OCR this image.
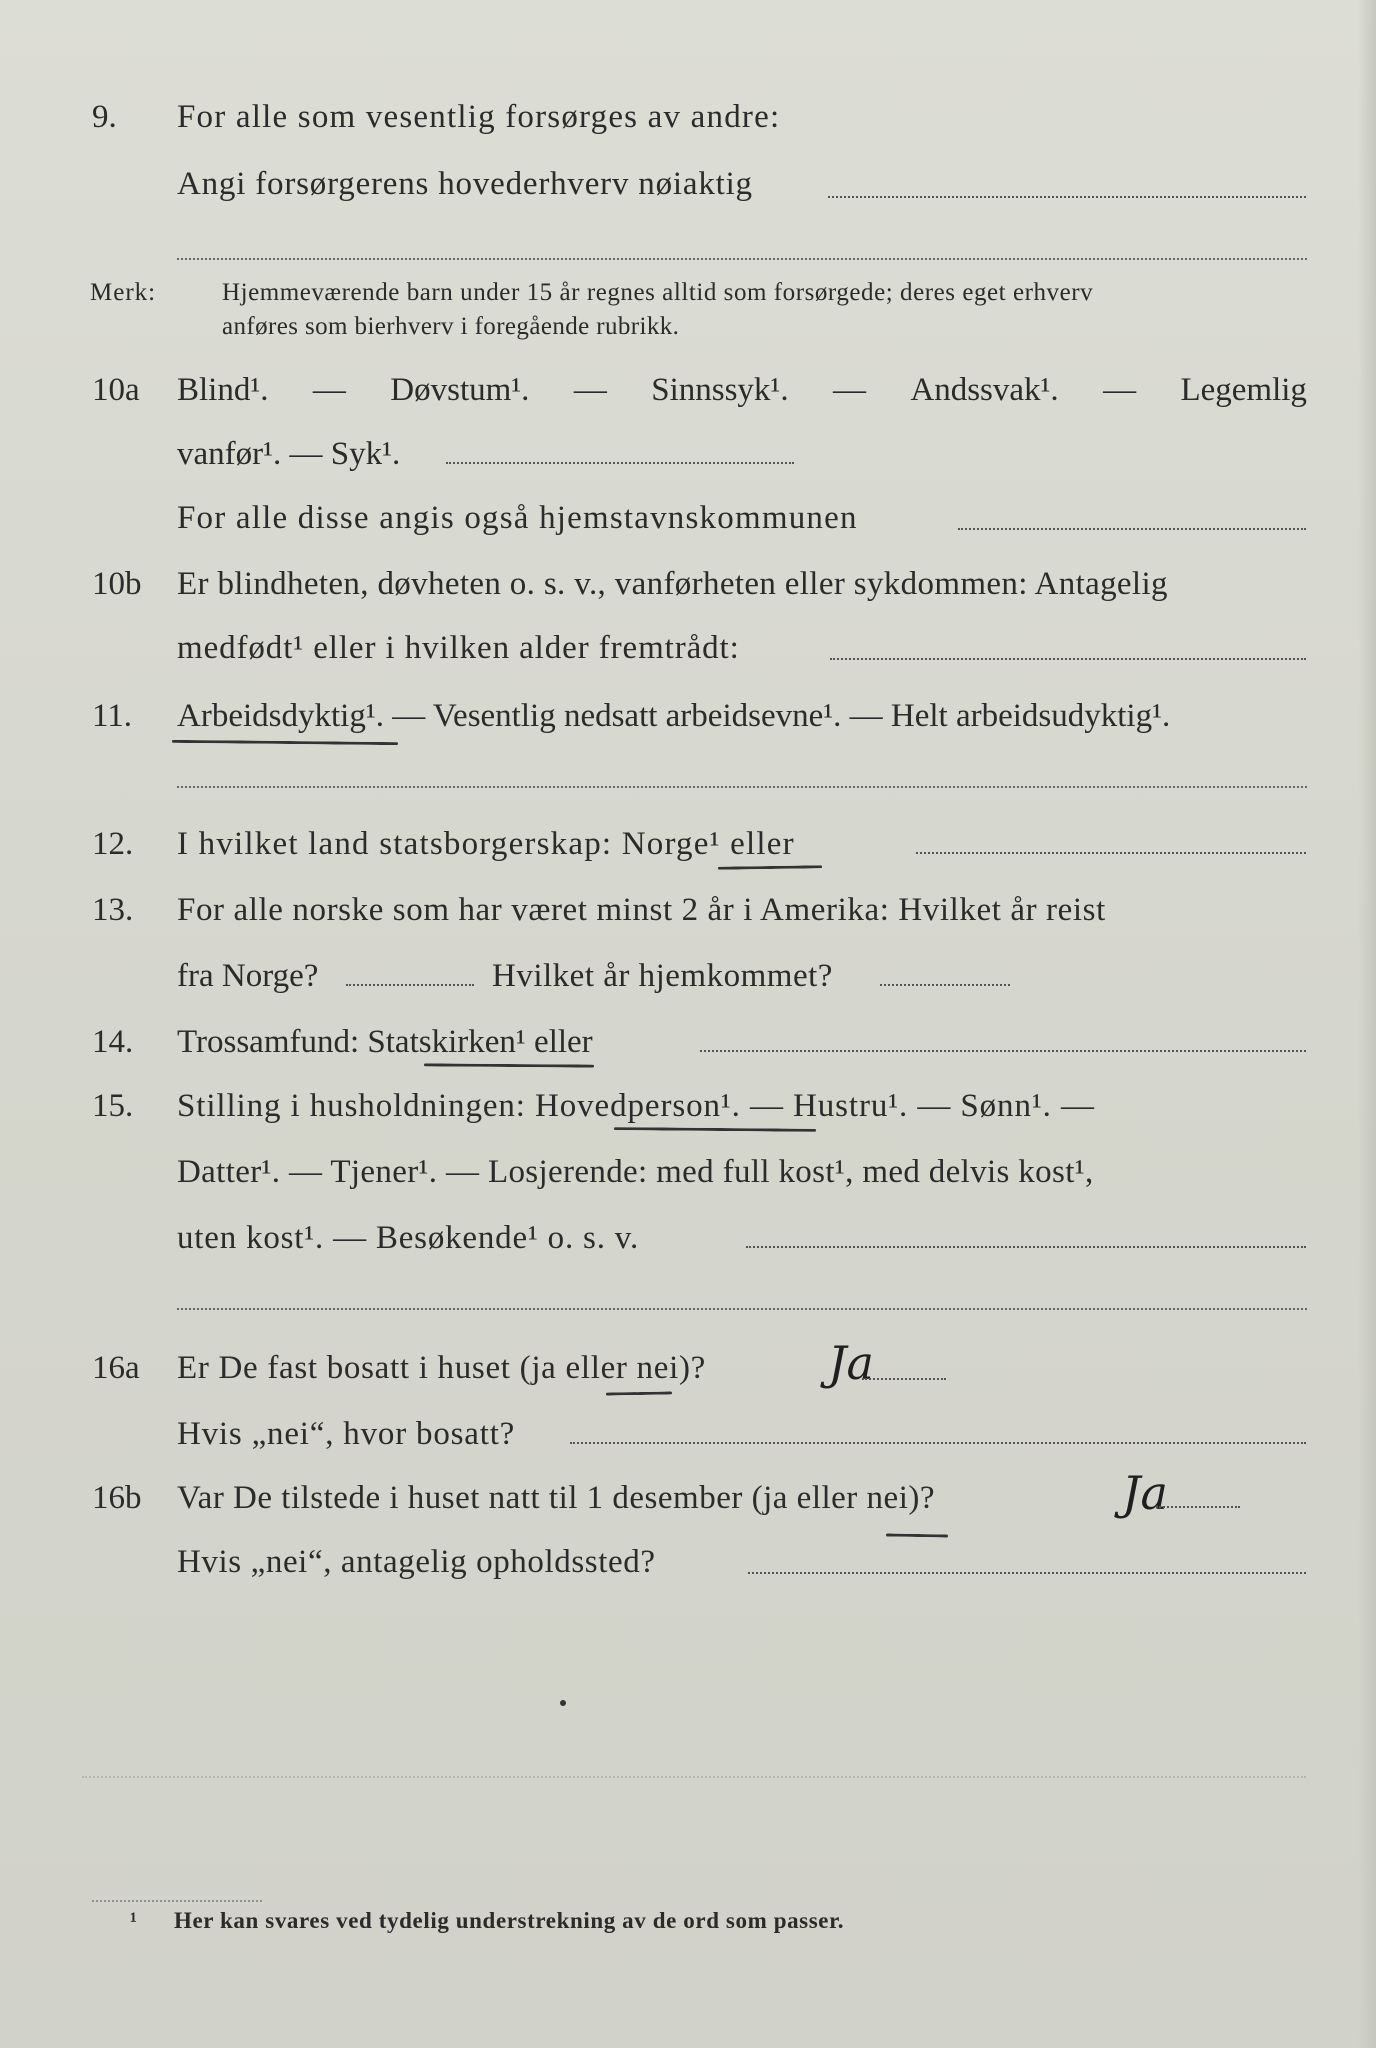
9. For alle som vesentlig forsørges av andre:
Angi forsørgerens hovederhverv nøiaktig
Merk:	Hjemmeværende barn under 15 år regnes alltid som forsørgede; deres eget erhverv
anføres som bierhverv i foregående rubrikk.
10a Blind¹. — Døvstum¹. — Sinnssyk¹. — Andssvak¹. — Legemlig
vanfør¹. — Syk¹.
For alle disse angis også hjemstavnskommunen
10b Er blindheten, døvheten o. s. v., vanførheten eller sykdommen: Antagelig
medfødt¹ eller i hvilken alder fremtrådt:
11. Arbeidsdyktig¹. — Vesentlig nedsatt arbeidsevne¹. — Helt arbeidsudyktig¹.
12. I hvilket land statsborgerskap: Norge¹ eller
13. For alle norske som har været minst 2 år i Amerika: Hvilket år reist
fra Norge?	Hvilket år hjemkommet?
14. Trossamfund: Statskirken¹ eller
15. Stilling i husholdningen: Hovedperson¹. — Hustru¹. — Sønn¹. —
Datter¹. — Tjener¹. — Losjerende: med full kost¹, med delvis kost¹,
uten kost¹. — Besøkende¹ o. s. v.
16a Er De fast bosatt i huset (ja eller nei)?	Ja
Hvis „nei“, hvor bosatt?
16b Var De tilstede i huset natt til 1 desember (ja eller nei)?	Ja
Hvis „nei“, antagelig opholdssted?
¹ Her kan svares ved tydelig understrekning av de ord som passer.
